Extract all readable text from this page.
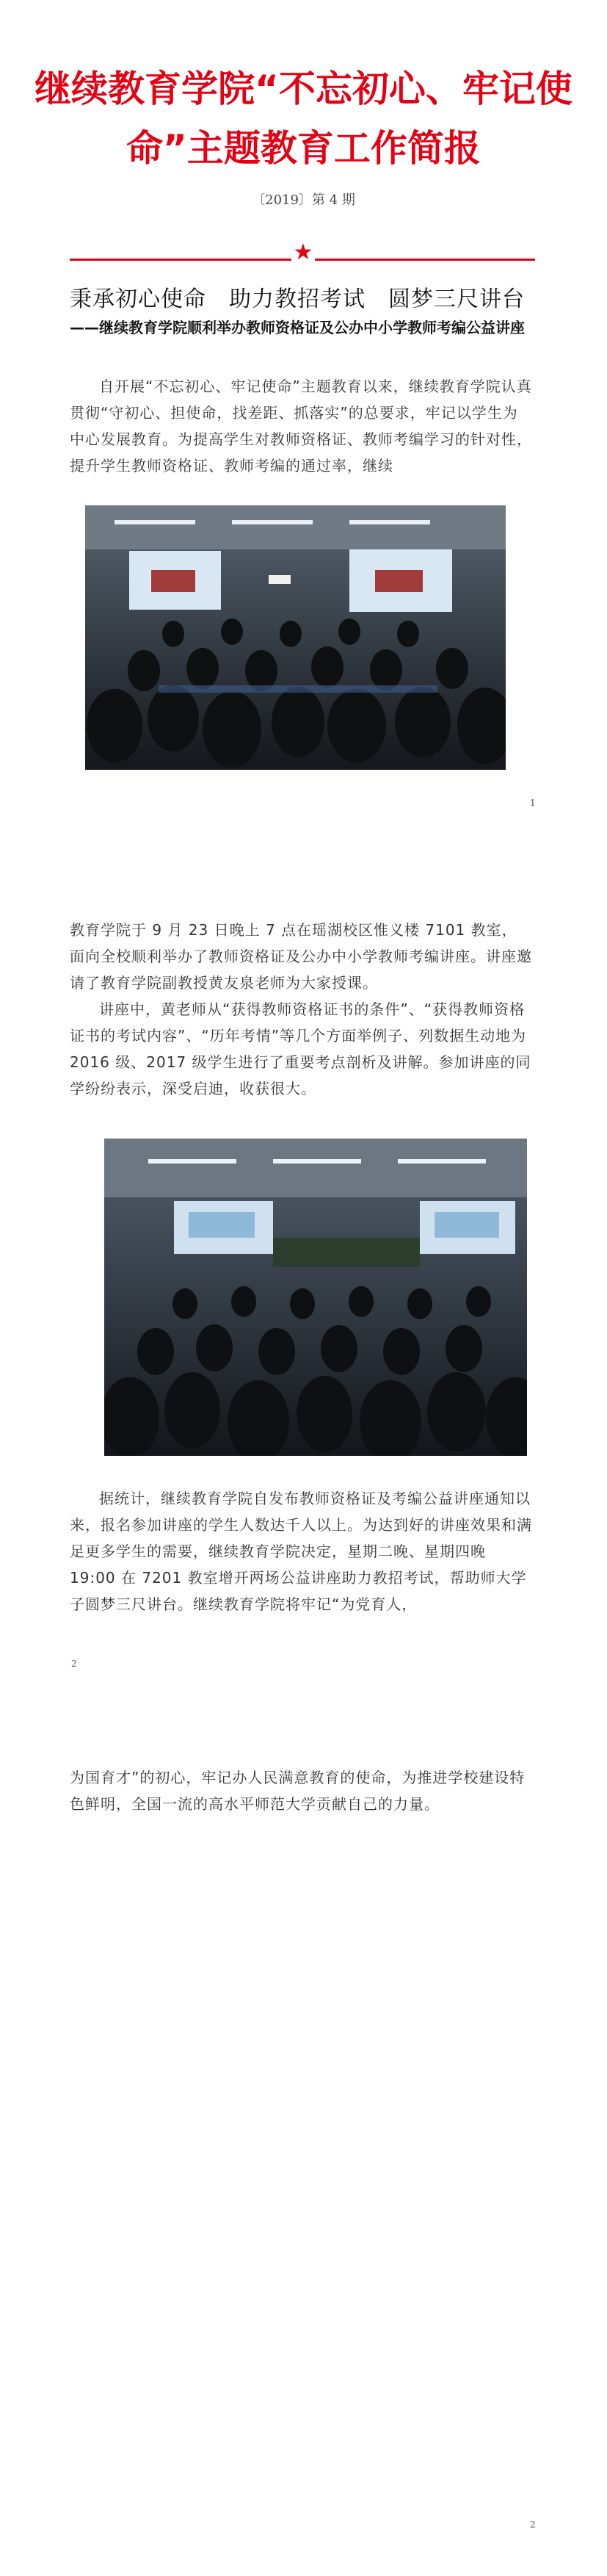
继续教育学院“不忘初心、牢记使
命”主题教育工作简报
〔2019〕第 4 期
★
秉承初心使命　助力教招考试　圆梦三尺讲台
——继续教育学院顺利举办教师资格证及公办中小学教师考编公益讲座
自开展“不忘初心、牢记使命”主题教育以来，继续教育学院认真贯彻“守初心、担使命，找差距、抓落实”的总要求，牢记以学生为中心发展教育。为提高学生对教师资格证、教师考编学习的针对性，提升学生教师资格证、教师考编的通过率，继续
1
教育学院于 9 月 23 日晚上 7 点在瑶湖校区惟义楼 7101 教室，面向全校顺利举办了教师资格证及公办中小学教师考编讲座。讲座邀请了教育学院副教授黄友泉老师为大家授课。
讲座中，黄老师从“获得教师资格证书的条件”、“获得教师资格证书的考试内容”、“历年考情”等几个方面举例子、列数据生动地为 2016 级、2017 级学生进行了重要考点剖析及讲解。参加讲座的同学纷纷表示，深受启迪，收获很大。
据统计，继续教育学院自发布教师资格证及考编公益讲座通知以来，报名参加讲座的学生人数达千人以上。为达到好的讲座效果和满足更多学生的需要，继续教育学院决定，星期二晚、星期四晚 19:00 在 7201 教室增开两场公益讲座助力教招考试，帮助师大学子圆梦三尺讲台。继续教育学院将牢记“为党育人，
2
为国育才”的初心，牢记办人民满意教育的使命，为推进学校建设特色鲜明，全国一流的高水平师范大学贡献自己的力量。
2
